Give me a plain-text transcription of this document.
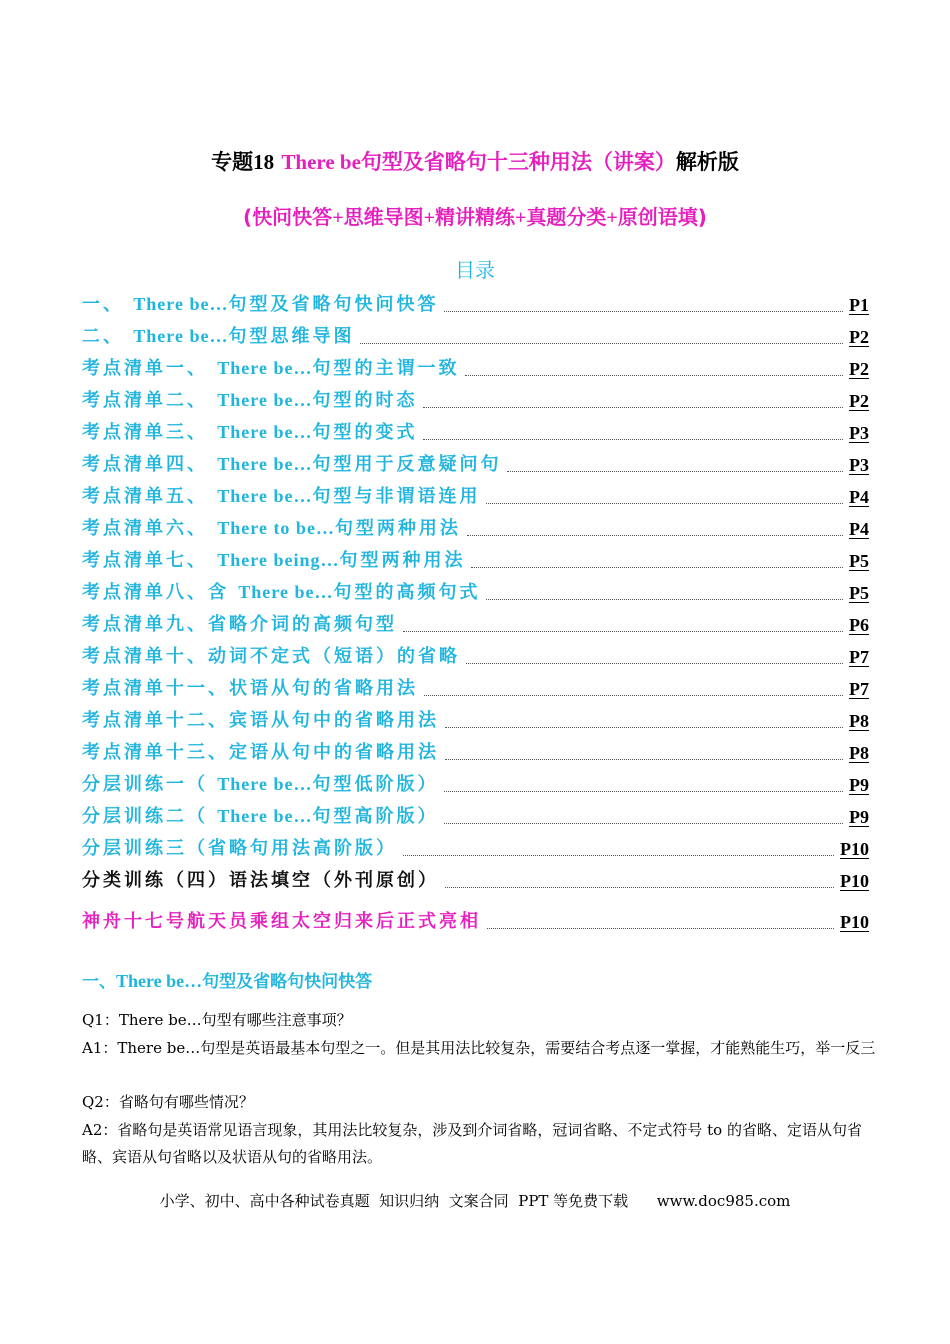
专题18 There be句型及省略句十三种用法（讲案）解析版
(快问快答+思维导图+精讲精练+真题分类+原创语填)
目录
一、 There be…句型及省略句快问快答	P1
二、 There be…句型思维导图	P2
考点清单一、 There be…句型的主谓一致	P2
考点清单二、 There be…句型的时态	P2
考点清单三、 There be…句型的变式	P3
考点清单四、 There be…句型用于反意疑问句	P3
考点清单五、 There be…句型与非谓语连用	P4
考点清单六、 There to be…句型两种用法	P4
考点清单七、 There being…句型两种用法	P5
考点清单八、含 There be…句型的高频句式	P5
考点清单九、省略介词的高频句型	P6
考点清单十、动词不定式（短语）的省略	P7
考点清单十一、状语从句的省略用法	P7
考点清单十二、宾语从句中的省略用法	P8
考点清单十三、定语从句中的省略用法	P8
分层训练一（ There be…句型低阶版）	P9
分层训练二（ There be…句型高阶版）	P9
分层训练三（省略句用法高阶版）	P10
分类训练（四）语法填空（外刊原创）	P10
神舟十七号航天员乘组太空归来后正式亮相	P10
一、There be…句型及省略句快问快答
Q1：There be…句型有哪些注意事项？
A1：There be…句型是英语最基本句型之一。但是其用法比较复杂，需要结合考点逐一掌握，才能熟能生巧，举一反三
Q2：省略句有哪些情况？
A2：省略句是英语常见语言现象，其用法比较复杂，涉及到介词省略，冠词省略、不定式符号 to 的省略、定语从句省略、宾语从句省略以及状语从句的省略用法。
小学、初中、高中各种试卷真题  知识归纳  文案合同  PPT 等免费下载      www.doc985.com
